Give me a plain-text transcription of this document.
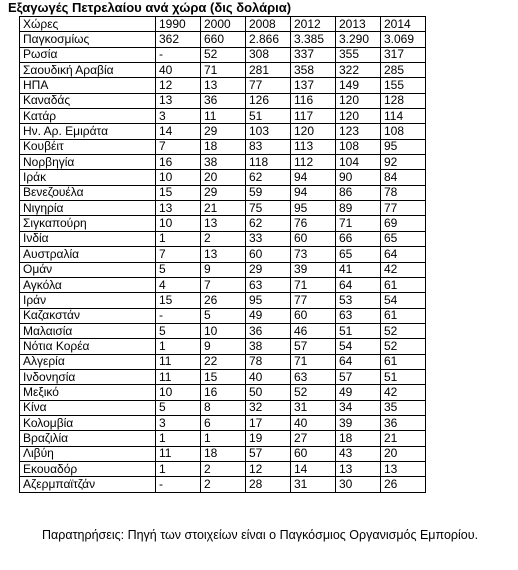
Εξαγωγές Πετρελαίου ανά χώρα (δις δολάρια)
Χώρες	1990	2000	2008	2012	2013	2014
Παγκοσμίως	362	660	2.866	3.385	3.290	3.069
Ρωσία	-	52	308	337	355	317
Σαουδική Αραβία	40	71	281	358	322	285
ΗΠΑ	12	13	77	137	149	155
Καναδάς	13	36	126	116	120	128
Κατάρ	3	11	51	117	120	114
Ην. Αρ. Εμιράτα	14	29	103	120	123	108
Κουβέιτ	7	18	83	113	108	95
Νορβηγία	16	38	118	112	104	92
Ιράκ	10	20	62	94	90	84
Βενεζουέλα	15	29	59	94	86	78
Νιγηρία	13	21	75	95	89	77
Σιγκαπούρη	10	13	62	76	71	69
Ινδία	1	2	33	60	66	65
Αυστραλία	7	13	60	73	65	64
Ομάν	5	9	29	39	41	42
Αγκόλα	4	7	63	71	64	61
Ιράν	15	26	95	77	53	54
Καζακστάν	-	5	49	60	63	61
Μαλαισία	5	10	36	46	51	52
Νότια Κορέα	1	9	38	57	54	52
Αλγερία	11	22	78	71	64	61
Ινδονησία	11	15	40	63	57	51
Μεξικό	10	16	50	52	49	42
Κίνα	5	8	32	31	34	35
Κολομβία	3	6	17	40	39	36
Βραζιλία	1	1	19	27	18	21
Λιβύη	11	18	57	60	43	20
Εκουαδόρ	1	2	12	14	13	13
Αζερμπαϊτζάν	-	2	28	31	30	26
Παρατηρήσεις: Πηγή των στοιχείων είναι ο Παγκόσμιος Οργανισμός Εμπορίου.
